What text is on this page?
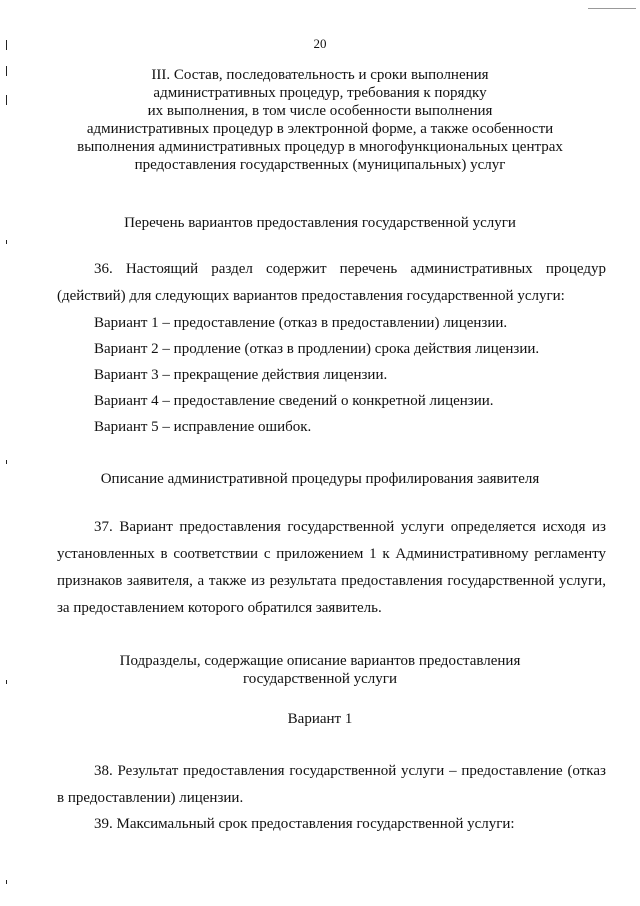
20
III. Состав, последовательность и сроки выполнения
административных процедур, требования к порядку
их выполнения, в том числе особенности выполнения
административных процедур в электронной форме, а также особенности
выполнения административных процедур в многофункциональных центрах
предоставления государственных (муниципальных) услуг
Перечень вариантов предоставления государственной услуги
36. Настоящий раздел содержит перечень административных процедур
(действий) для следующих вариантов предоставления государственной услуги:
Вариант 1 – предоставление (отказ в предоставлении) лицензии.
Вариант 2 – продление (отказ в продлении) срока действия лицензии.
Вариант 3 – прекращение действия лицензии.
Вариант 4 – предоставление сведений о конкретной лицензии.
Вариант 5 – исправление ошибок.
Описание административной процедуры профилирования заявителя
37. Вариант предоставления государственной услуги определяется исходя из
установленных в соответствии с приложением 1 к Административному регламенту
признаков заявителя, а также из результата предоставления государственной услуги,
за предоставлением которого обратился заявитель.
Подразделы, содержащие описание вариантов предоставления
государственной услуги
Вариант 1
38. Результат предоставления государственной услуги – предоставление (отказ
в предоставлении) лицензии.
39. Максимальный срок предоставления государственной услуги:
